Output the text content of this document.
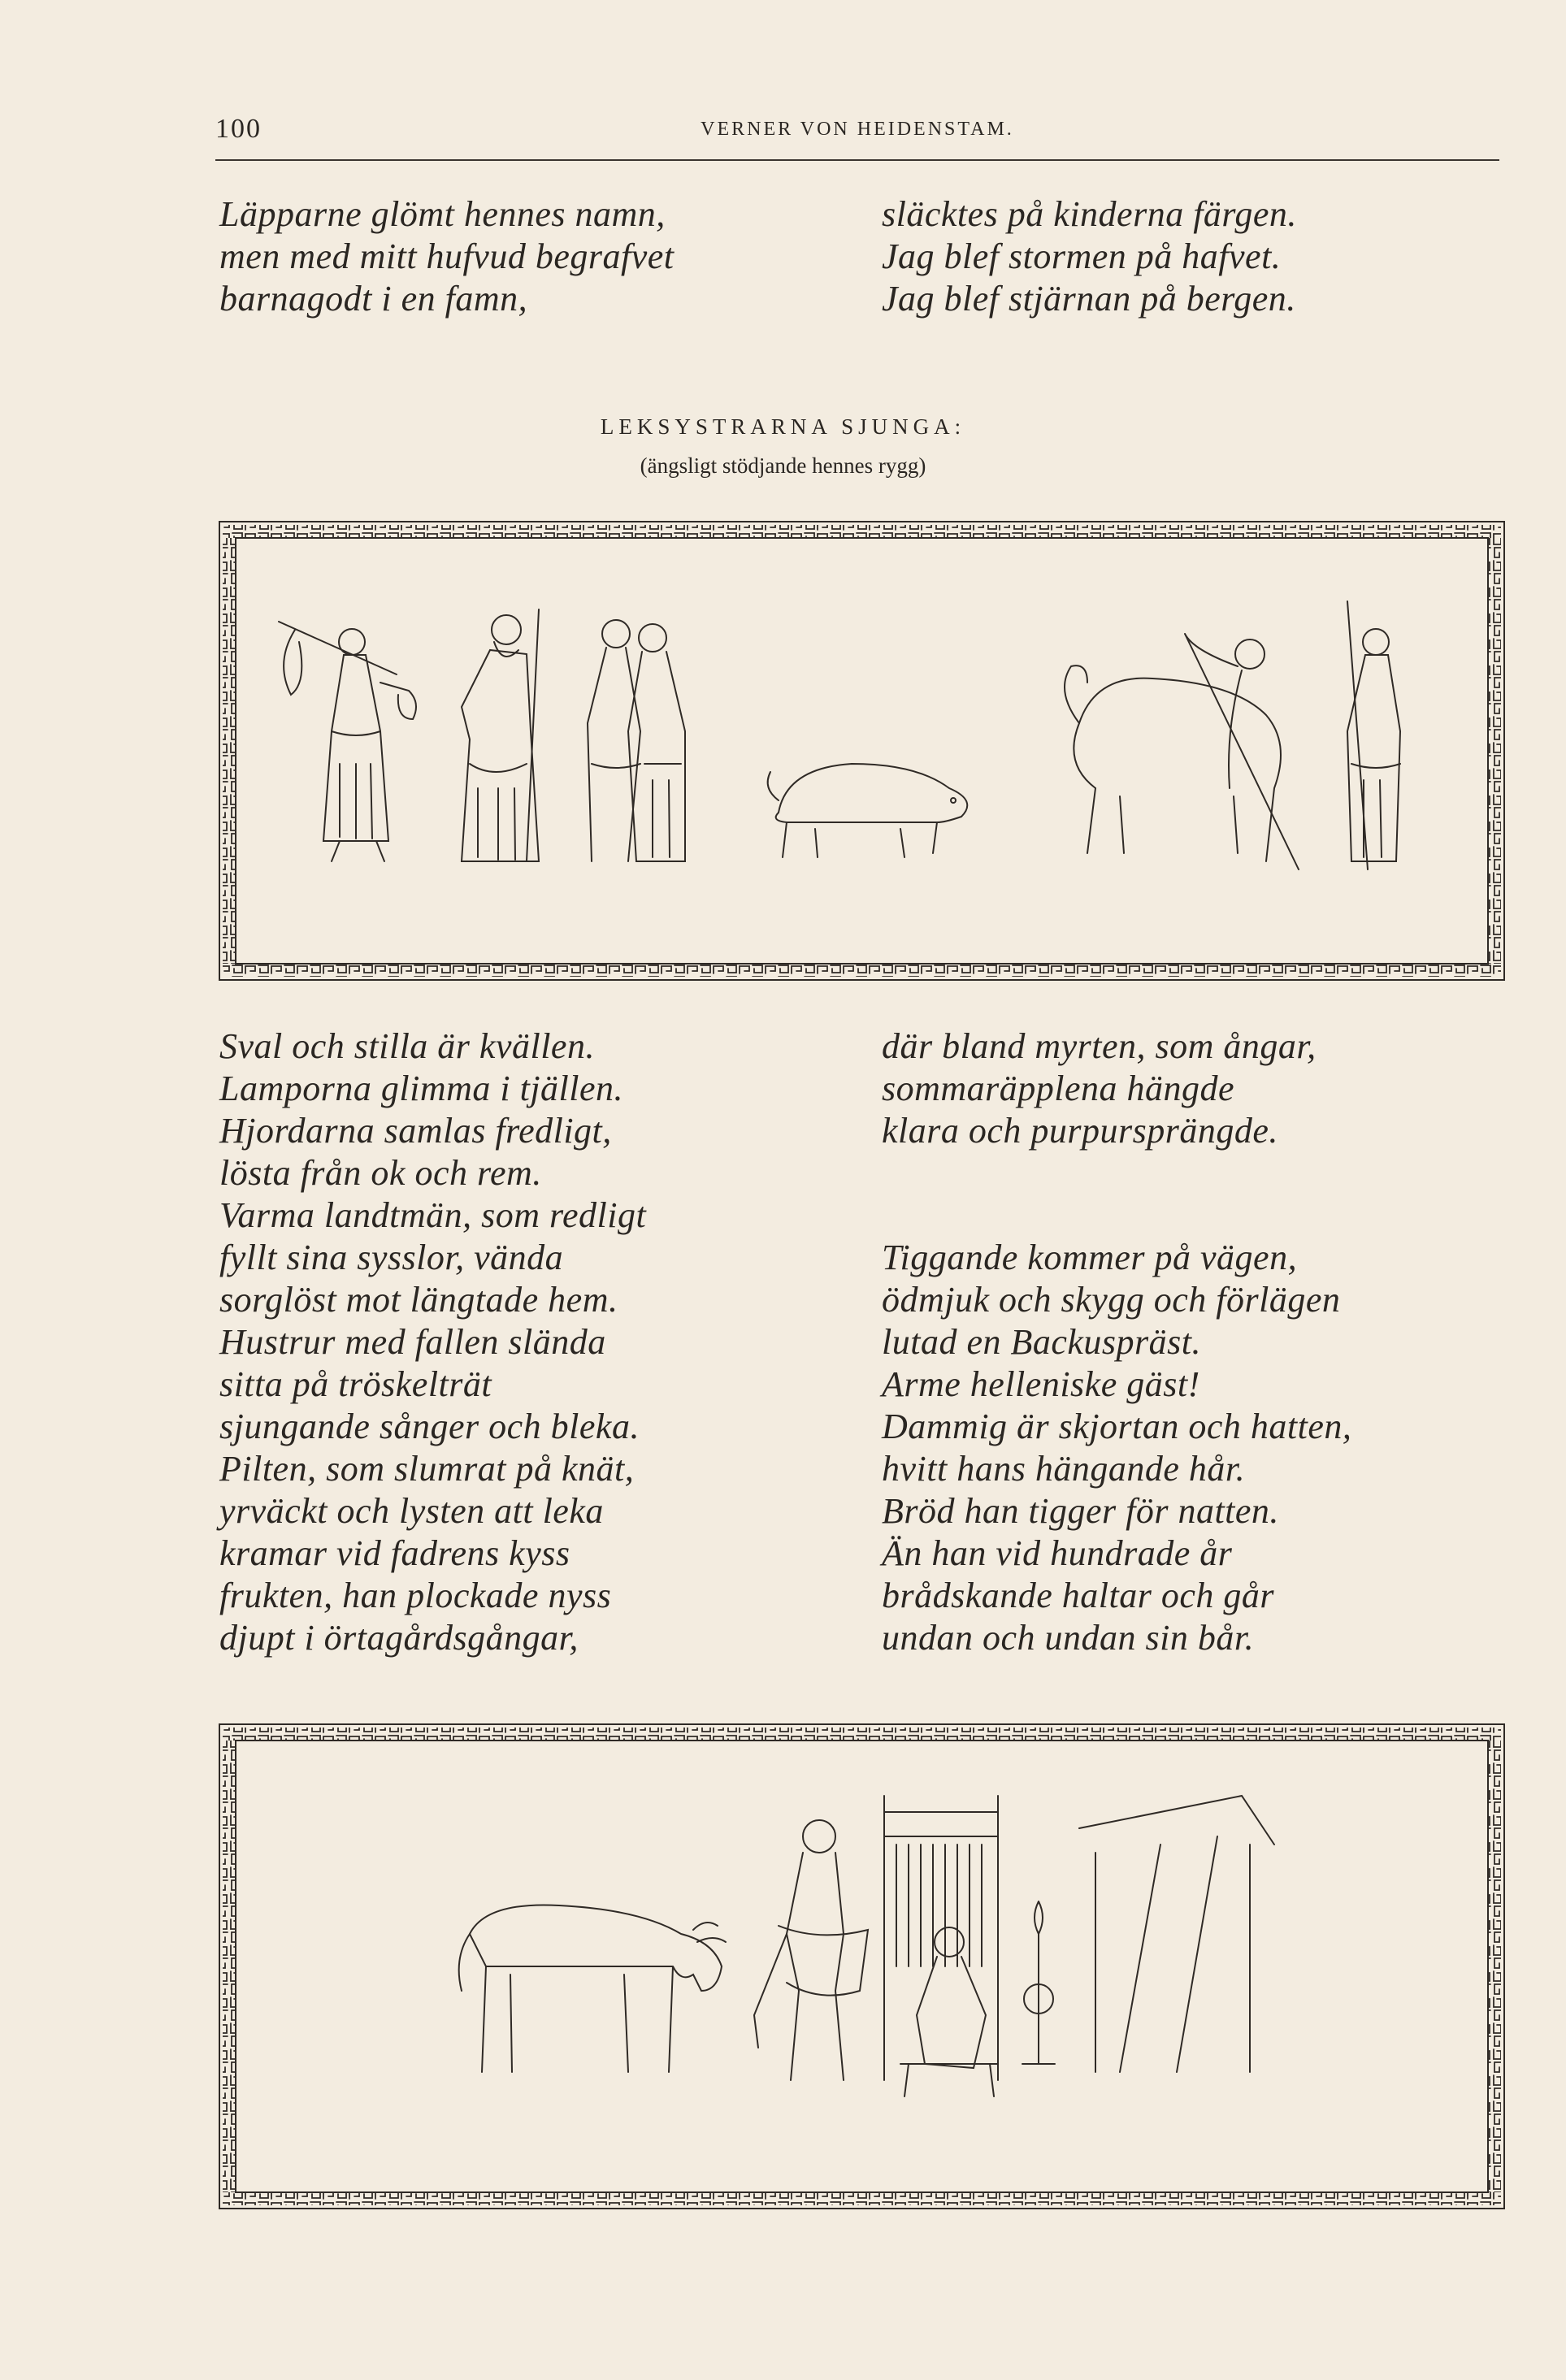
100	VERNER VON HEIDENSTAM.
Läpparne glömt hennes namn,
men med mitt hufvud begrafvet
barnagodt i en famn,
släcktes på kinderna färgen.
Jag blef stormen på hafvet.
Jag blef stjärnan på bergen.
LEKSYSTRARNA SJUNGA:
(ängsligt stödjande hennes rygg)
Sval och stilla är kvällen.
Lamporna glimma i tjällen.
Hjordarna samlas fredligt,
lösta från ok och rem.
Varma landtmän, som redligt
fyllt sina sysslor, vända
sorglöst mot längtade hem.
Hustrur med fallen slända
sitta på tröskelträt
sjungande sånger och bleka.
Pilten, som slumrat på knät,
yrväckt och lysten att leka
kramar vid fadrens kyss
frukten, han plockade nyss
djupt i örtagårdsgångar,
där bland myrten, som ångar,
sommaräpplena hängde
klara och purpursprängde.
Tiggande kommer på vägen,
ödmjuk och skygg och förlägen
lutad en Backuspräst.
Arme helleniske gäst!
Dammig är skjortan och hatten,
hvitt hans hängande hår.
Bröd han tigger för natten.
Än han vid hundrade år
brådskande haltar och går
undan och undan sin bår.
